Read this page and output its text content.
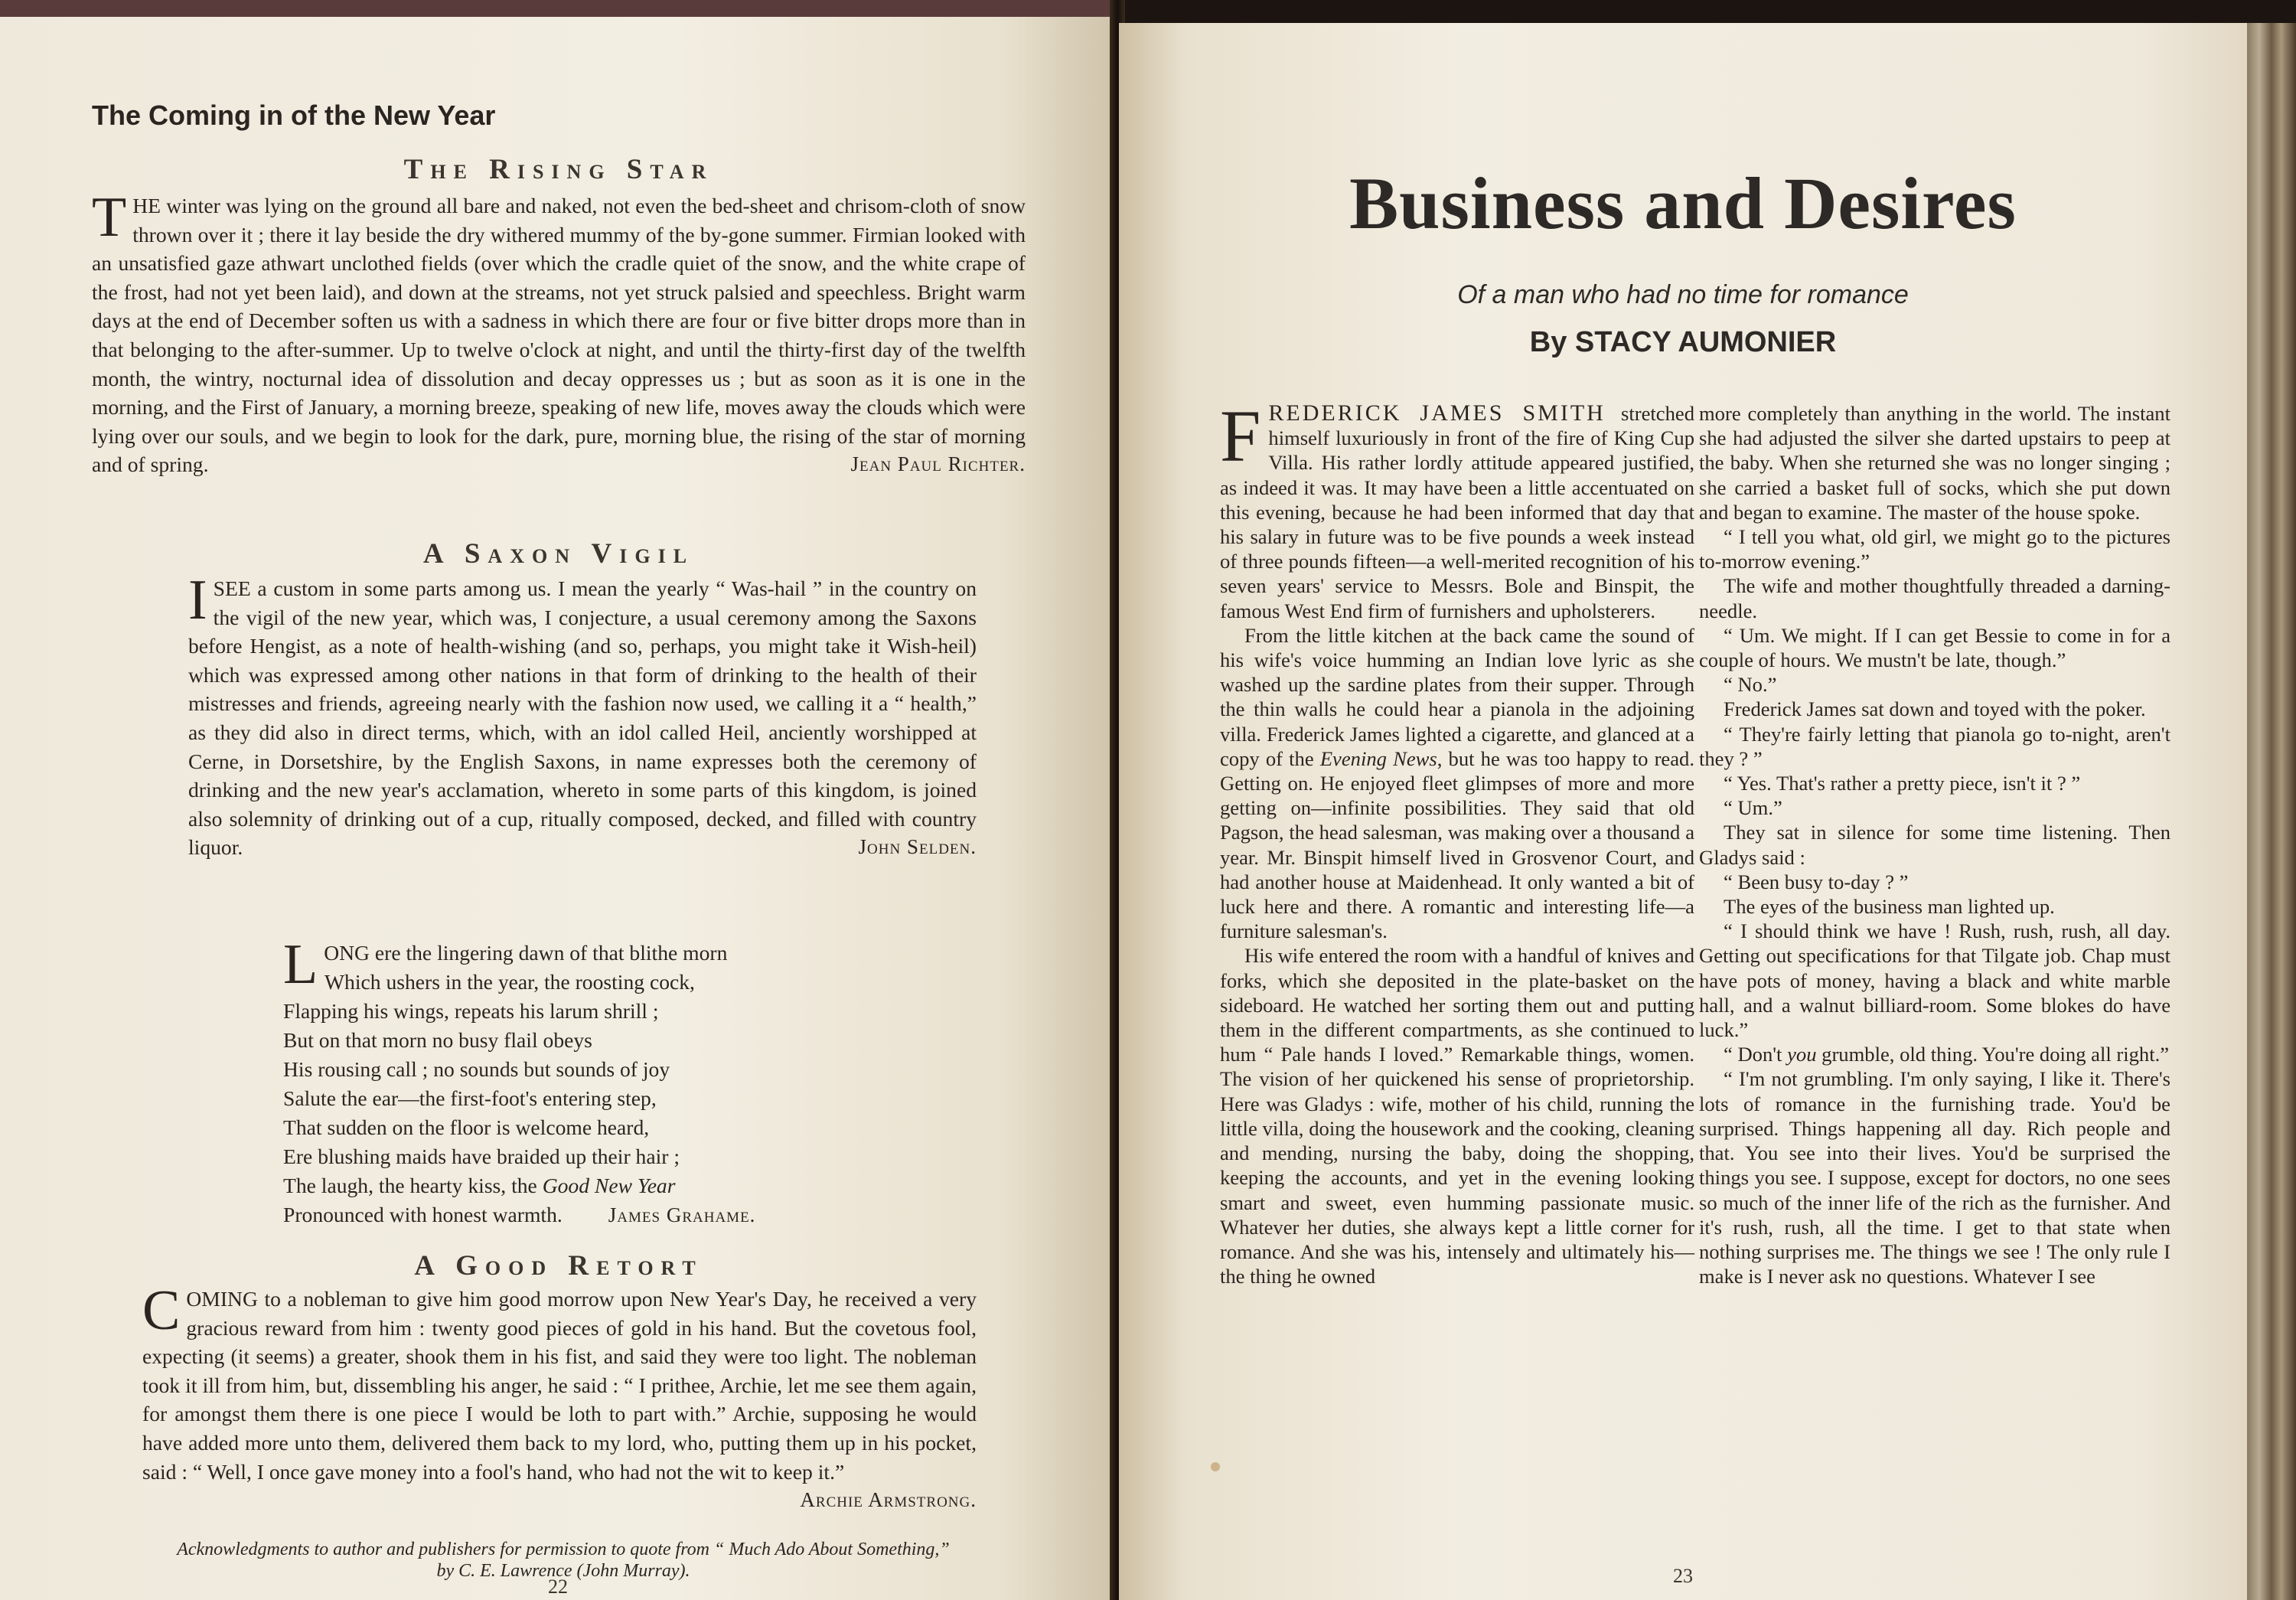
The Coming in of the New Year
The Rising Star

THE winter was lying on the ground all bare and naked, not even the bed-sheet and chrisom-cloth of snow thrown over it ; there it lay beside the dry withered mummy of the by-gone summer. Firmian looked with an unsatisfied gaze athwart unclothed fields (over which the cradle quiet of the snow, and the white crape of the frost, had not yet been laid), and down at the streams, not yet struck palsied and speechless. Bright warm days at the end of December soften us with a sadness in which there are four or five bitter drops more than in that belonging to the after-summer. Up to twelve o'clock at night, and until the thirty-first day of the twelfth month, the wintry, nocturnal idea of dissolution and decay oppresses us ; but as soon as it is one in the morning, and the First of January, a morning breeze, speaking of new life, moves away the clouds which were lying over our souls, and we begin to look for the dark, pure, morning blue, the rising of the star of morning and of spring.	Jean Paul Richter.

A Saxon Vigil

ISEE a custom in some parts among us. I mean the yearly “ Was-hail ” in the country on the vigil of the new year, which was, I conjecture, a usual ceremony among the Saxons before Hengist, as a note of health-wishing (and so, perhaps, you might take it Wish-heil) which was expressed among other nations in that form of drinking to the health of their mistresses and friends, agreeing nearly with the fashion now used, we calling it a “ health,” as they did also in direct terms, which, with an idol called Heil, anciently worshipped at Cerne, in Dorsetshire, by the English Saxons, in name expresses both the ceremony of drinking and the new year's acclamation, whereto in some parts of this kingdom, is joined also solemnity of drinking out of a cup, ritually composed, decked, and filled with country liquor.	John Selden.

LONG ere the lingering dawn of that blithe morn
Which ushers in the year, the roosting cock,
Flapping his wings, repeats his larum shrill ;
But on that morn no busy flail obeys
His rousing call ; no sounds but sounds of joy
Salute the ear—the first-foot's entering step,
That sudden on the floor is welcome heard,
Ere blushing maids have braided up their hair ;
The laugh, the hearty kiss, the Good New Year
Pronounced with honest warmth. James Grahame.
A Good Retort

COMING to a nobleman to give him good morrow upon New Year's Day, he received a very gracious reward from him : twenty good pieces of gold in his hand. But the covetous fool, expecting (it seems) a greater, shook them in his fist, and said they were too light. The nobleman took it ill from him, but, dissembling his anger, he said : “ I prithee, Archie, let me see them again, for amongst them there is one piece I would be loth to part with.” Archie, supposing he would have added more unto them, delivered them back to my lord, who, putting them up in his pocket, said : “ Well, I once gave money into a fool's hand, who had not the wit to keep it.”
Archie Armstrong.

Acknowledgments to author and publishers for permission to quote from “ Much Ado About Something,”
by C. E. Lawrence (John Murray).

22

Business and Desires

Of a man who had no time for romance

By STACY AUMONIER

FREDERICK JAMES SMITH stretched himself luxuriously in front of the fire of King Cup Villa. His rather lordly attitude appeared justified, as indeed it was. It may have been a little accentuated on this evening, because he had been informed that day that his salary in future was to be five pounds a week instead of three pounds fifteen—a well-merited recognition of his seven years' service to Messrs. Bole and Binspit, the famous West End firm of furnishers and upholsterers.

From the little kitchen at the back came the sound of his wife's voice humming an Indian love lyric as she washed up the sardine plates from their supper. Through the thin walls he could hear a pianola in the adjoining villa. Frederick James lighted a cigarette, and glanced at a copy of the Evening News, but he was too happy to read. Getting on. He enjoyed fleet glimpses of more and more getting on—infinite possibilities. They said that old Pagson, the head salesman, was making over a thousand a year. Mr. Binspit himself lived in Grosvenor Court, and had another house at Maidenhead. It only wanted a bit of luck here and there. A romantic and interesting life—a furniture salesman's.

His wife entered the room with a handful of knives and forks, which she deposited in the plate-basket on the sideboard. He watched her sorting them out and putting them in the different compartments, as she continued to hum “ Pale hands I loved.” Remarkable things, women. The vision of her quickened his sense of proprietorship. Here was Gladys : wife, mother of his child, running the little villa, doing the housework and the cooking, cleaning and mending, nursing the baby, doing the shopping, keeping the accounts, and yet in the evening looking smart and sweet, even humming passionate music. Whatever her duties, she always kept a little corner for romance. And she was his, intensely and ultimately his—the thing he owned

more completely than anything in the world. The instant she had adjusted the silver she darted upstairs to peep at the baby. When she returned she was no longer singing ; she carried a basket full of socks, which she put down and began to examine. The master of the house spoke.

“ I tell you what, old girl, we might go to the pictures to-morrow evening.”

The wife and mother thoughtfully threaded a darning-needle.

“ Um. We might. If I can get Bessie to come in for a couple of hours. We mustn't be late, though.”

“ No.”

Frederick James sat down and toyed with the poker.

“ They're fairly letting that pianola go to-night, aren't they ? ”

“ Yes. That's rather a pretty piece, isn't it ? ”

“ Um.”

They sat in silence for some time listening. Then Gladys said :

“ Been busy to-day ? ”

The eyes of the business man lighted up.

“ I should think we have ! Rush, rush, rush, all day. Getting out specifications for that Tilgate job. Chap must have pots of money, having a black and white marble hall, and a walnut billiard-room. Some blokes do have luck.”

“ Don't you grumble, old thing. You're doing all right.”

“ I'm not grumbling. I'm only saying, I like it. There's lots of romance in the furnishing trade. You'd be surprised. Things happening all day. Rich people and that. You see into their lives. You'd be surprised the things you see. I suppose, except for doctors, no one sees so much of the inner life of the rich as the furnisher. And it's rush, rush, all the time. I get to that state when nothing surprises me. The things we see ! The only rule I make is I never ask no questions. Whatever I see

23
